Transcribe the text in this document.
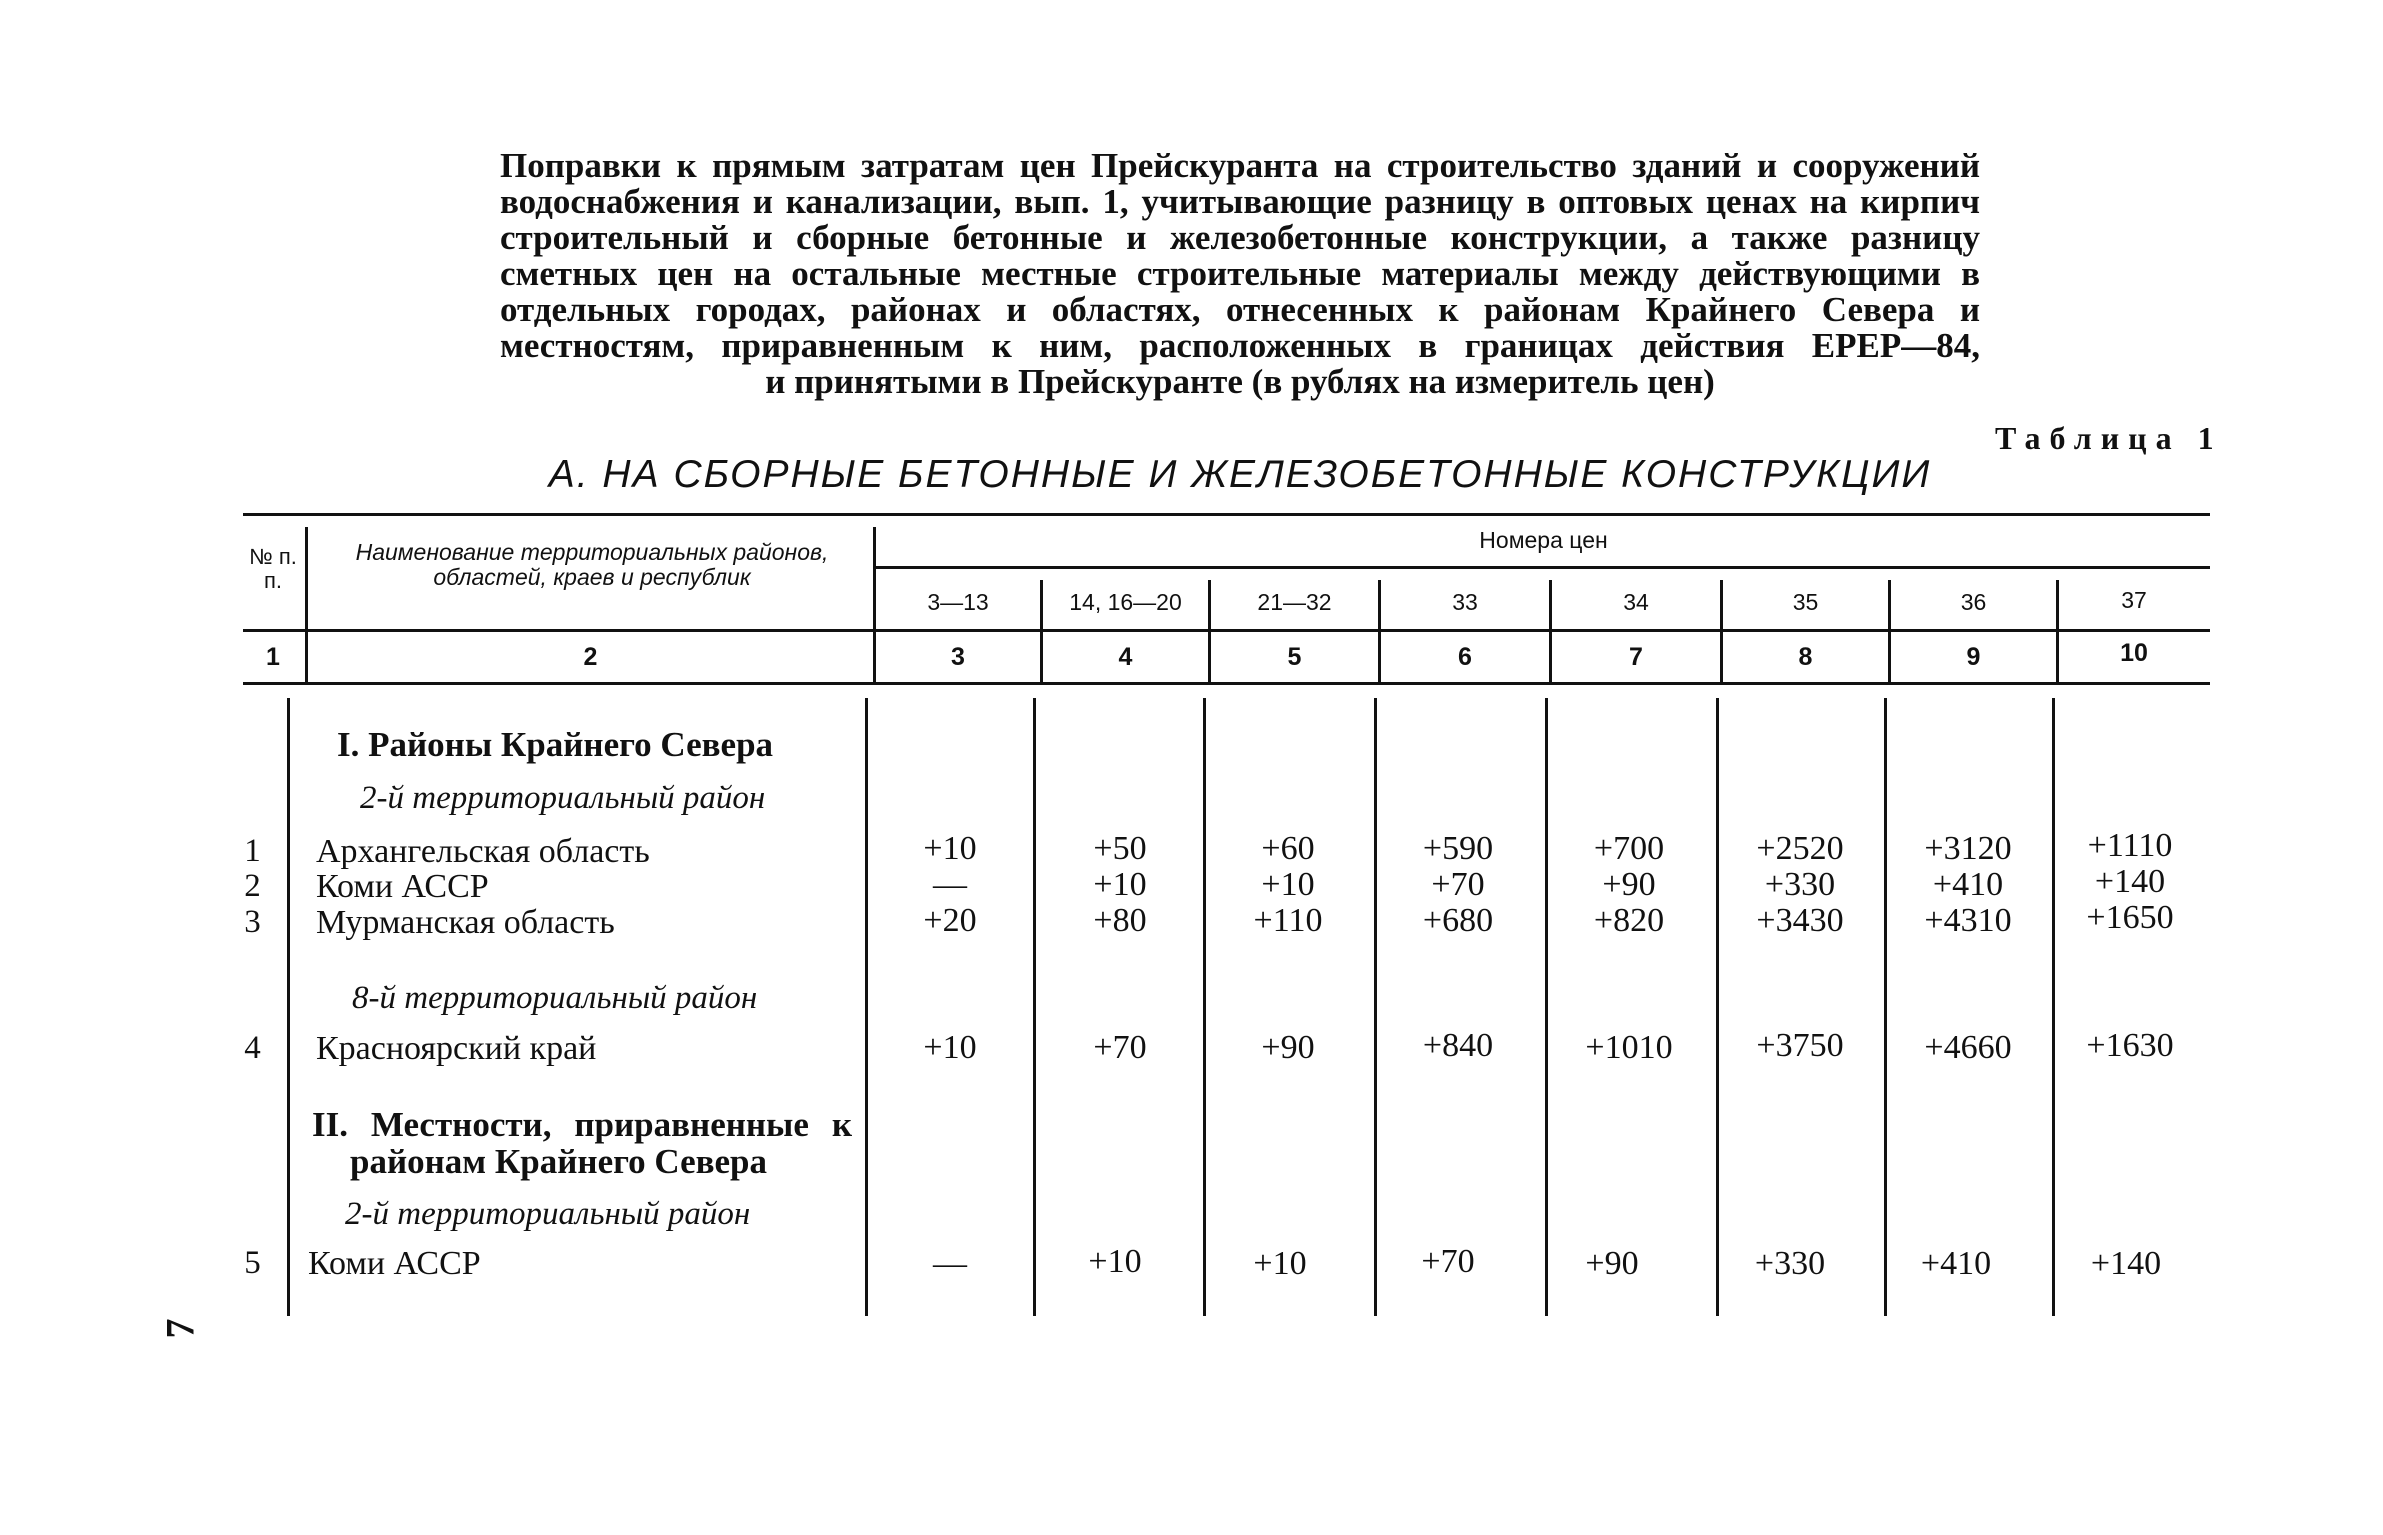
Поправки к прямым затратам цен Прейскуранта на строительство зданий и сооружений
водоснабжения и канализации, вып. 1, учитывающие разницу в оптовых ценах на кирпич
строительный и сборные бетонные и железобетонные конструкции, а также разницу
сметных цен на остальные местные строительные материалы между действующими в
отдельных городах, районах и областях, отнесенных к районам Крайнего Севера и
местностям, приравненным к ним, расположенных в границах действия ЕРЕР—84,
и принятыми в Прейскуранте (в рублях на измеритель цен)
Таблица 1
А. НА СБОРНЫЕ БЕТОННЫЕ И ЖЕЛЕЗОБЕТОННЫЕ КОНСТРУКЦИИ
№ п. п.
Наименование территориальных районов, областей, краев и республик
Номера цен
3—13	14, 16—20	21—32	33	34	35	36	37
1	2	3	4	5	6	7	8	9	10
I. Районы Крайнего Севера
2-й территориальный район
8-й территориальный район
II. Местности, приравненные к
районам Крайнего Севера
2-й территориальный район
1	Архангельская область	+10	+50	+60	+590	+700	+2520	+3120	+1110
2	Коми АССР	—	+10	+10	+70	+90	+330	+410	+140
3	Мурманская область	+20	+80	+110	+680	+820	+3430	+4310	+1650
4	Красноярский край	+10	+70	+90	+840	+1010	+3750	+4660	+1630
5	Коми АССР	—	+10	+10	+70	+90	+330	+410	+140
7
